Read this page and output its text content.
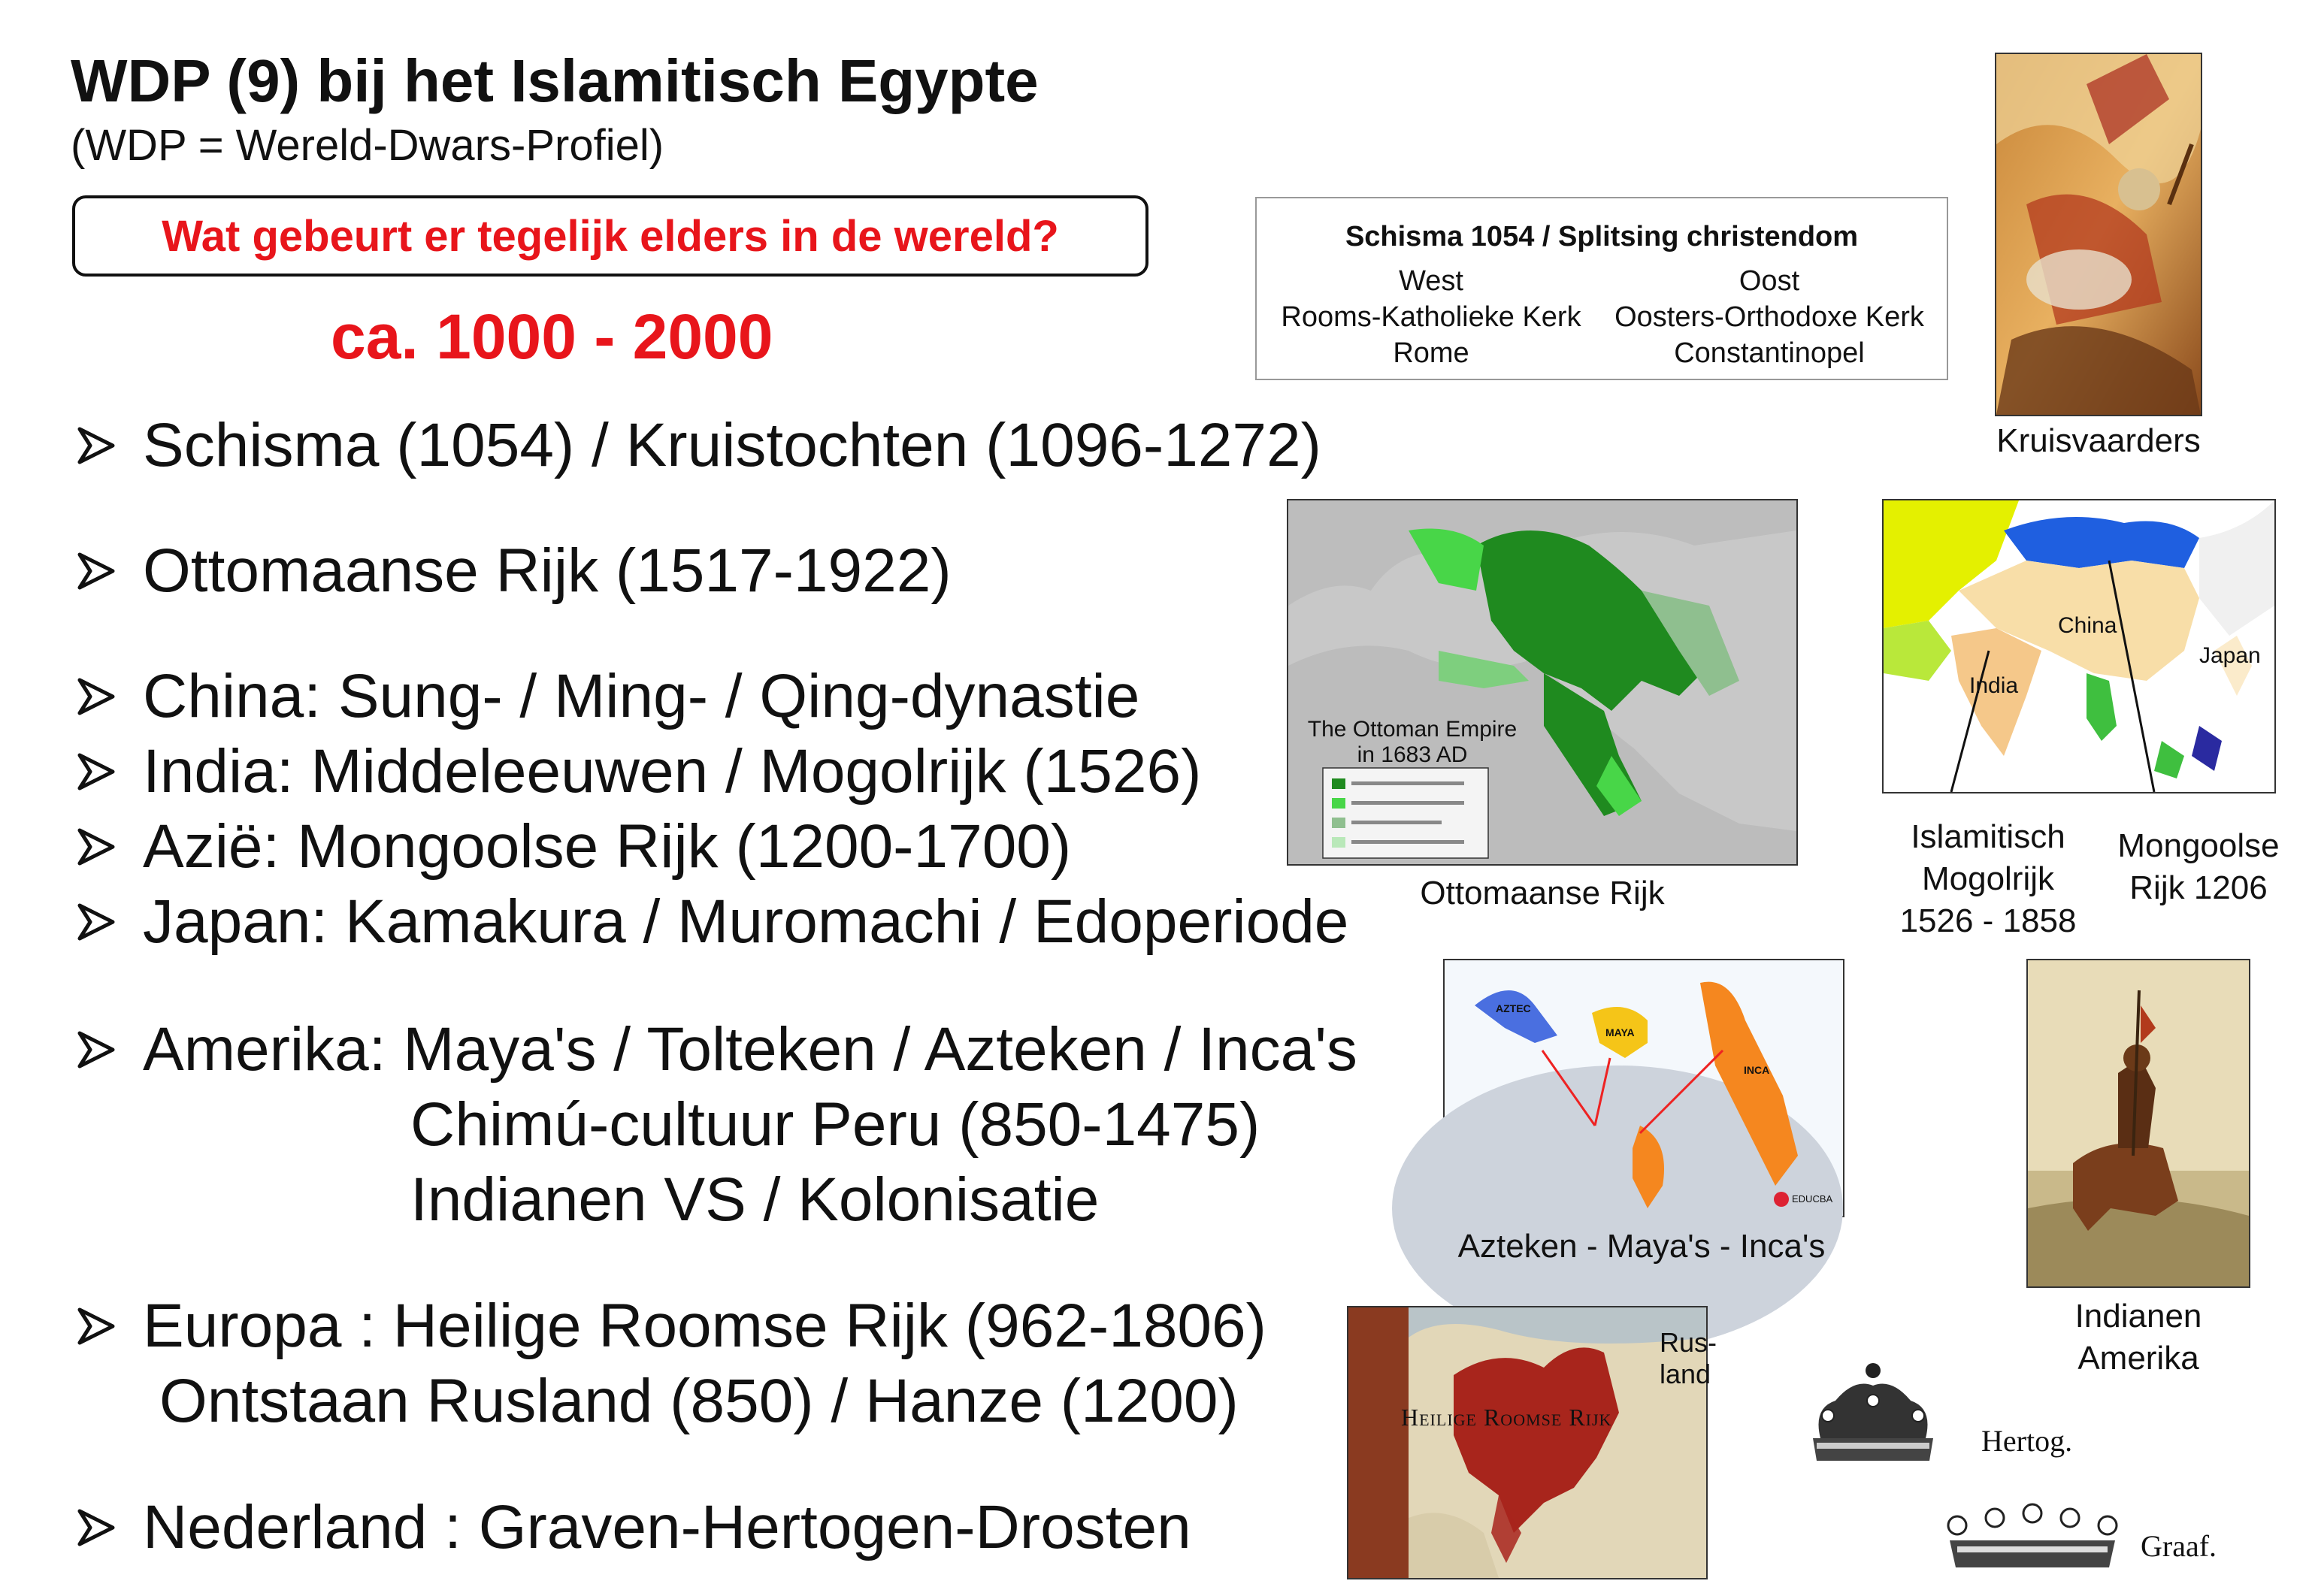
WDP (9) bij het Islamitisch Egypte
(WDP = Wereld-Dwars-Profiel)
Wat gebeurt er tegelijk elders in de wereld?
ca. 1000 - 2000
Schisma (1054) / Kruistochten (1096-1272)
Ottomaanse Rijk (1517-1922)
China: Sung- / Ming- / Qing-dynastie
India: Middeleeuwen / Mogolrijk (1526)
Azië: Mongoolse Rijk (1200-1700)
Japan: Kamakura / Muromachi / Edoperiode
Amerika: Maya's / Tolteken / Azteken / Inca's
Chimú-cultuur Peru (850-1475)
Indianen VS / Kolonisatie
Europa : Heilige Roomse Rijk (962-1806)
Ontstaan Rusland (850) / Hanze (1200)
Nederland : Graven-Hertogen-Drosten
Schisma 1054 / Splitsing christendom
West
Rooms-Katholieke Kerk
Rome
Oost
Oosters-Orthodoxe Kerk
Constantinopel
Kruisvaarders
The Ottoman Empire
in 1683 AD
Ottomaanse Rijk
China
Japan
India
Islamitisch
Mogolrijk
1526 - 1858
Mongoolse
Rijk 1206
AZTEC
MAYA
INCA
EDUCBA
Azteken - Maya's - Inca's
Indianen
Amerika
Heilige Roomse Rijk
Rus-
land
Hertog.
Graaf.
